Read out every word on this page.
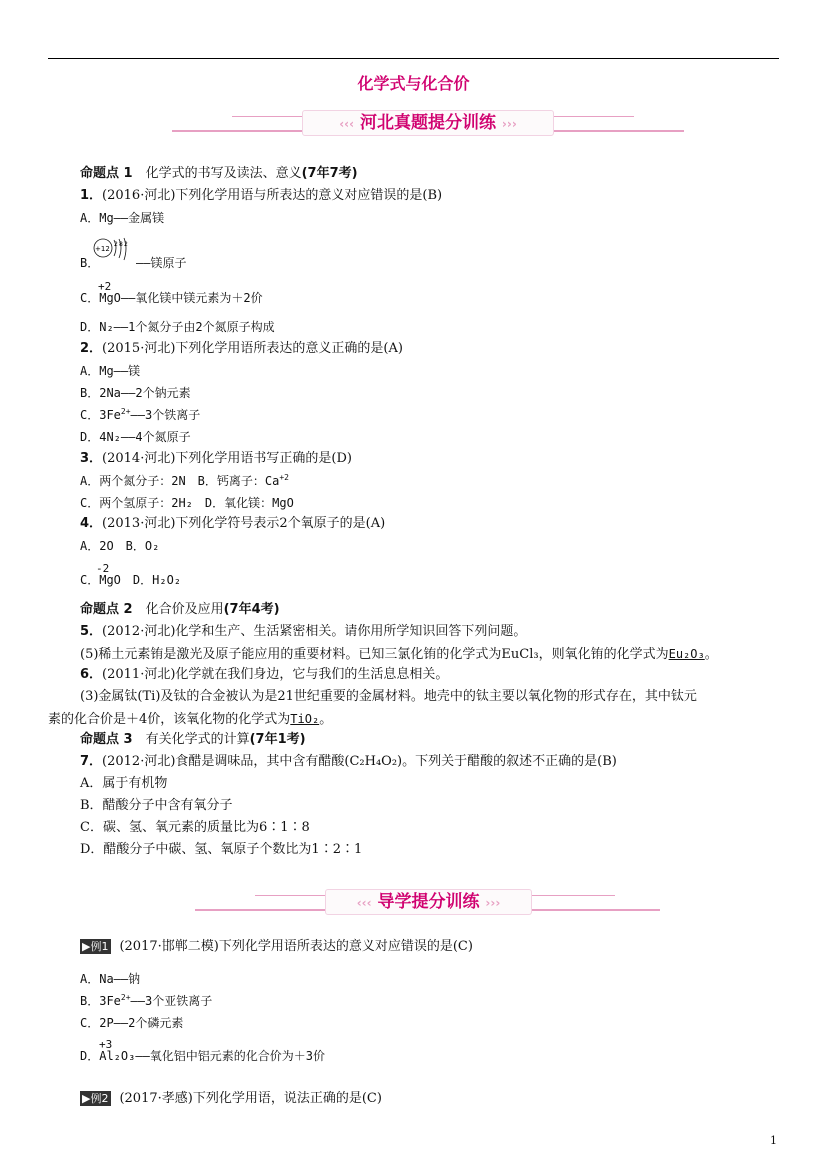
化学式与化合价
‹‹‹ 河北真题提分训练 ›››
命题点 1　 化学式的书写及读法、意义(7年7考)
1．(2016·河北)下列化学用语与所表达的意义对应错误的是(B)
A．Mg——金属镁
B．
+12
2 8 2
——镁原子
+2
C．MgO——氧化镁中镁元素为＋2价
D．N₂——1个氮分子由2个氮原子构成
2．(2015·河北)下列化学用语所表达的意义正确的是(A)
A．Mg——镁
B．2Na——2个钠元素
C．$3Fe^{2+}——3$个铁离子
D．4N₂——4个氮原子
3．(2014·河北)下列化学用语书写正确的是(D)
A．两个氮分子：2N　B．钙离子：$Ca^{+2}$
C．两个氢原子：2H₂　D．氧化镁：MgO
4．(2013·河北)下列化学符号表示2个氧原子的是(A)
A．2O　B．O₂
-2
C．MgO　D．H₂O₂
命题点 2　 化合价及应用(7年4考)
5．(2012·河北)化学和生产、生活紧密相关。请你用所学知识回答下列问题。
(5)稀土元素铕是激光及原子能应用的重要材料。已知三氯化铕的化学式为EuCl₃，则氧化铕的化学式为Eu₂O₃。
6．(2011·河北)化学就在我们身边，它与我们的生活息息相关。
(3)金属钛(Ti)及钛的合金被认为是21世纪重要的金属材料。地壳中的钛主要以氧化物的形式存在，其中钛元
素的化合价是＋4价，该氧化物的化学式为TiO₂。
命题点 3　 有关化学式的计算(7年1考)
7．(2012·河北)食醋是调味品，其中含有醋酸(C₂H₄O₂)。下列关于醋酸的叙述不正确的是(B)
A．属于有机物
B．醋酸分子中含有氧分子
C．碳、氢、氧元素的质量比为6∶1∶8
D．醋酸分子中碳、氢、氧原子个数比为1∶2∶1
‹‹‹ 导学提分训练 ›››
▶例1 (2017·邯郸二模)下列化学用语所表达的意义对应错误的是(C)
A．Na——钠
B．$3Fe^{2+}——3$个亚铁离子
C．2P——2个磷元素
+3
D．Al₂O₃——氧化铝中铝元素的化合价为＋3价
▶例2 (2017·孝感)下列化学用语，说法正确的是(C)
1
